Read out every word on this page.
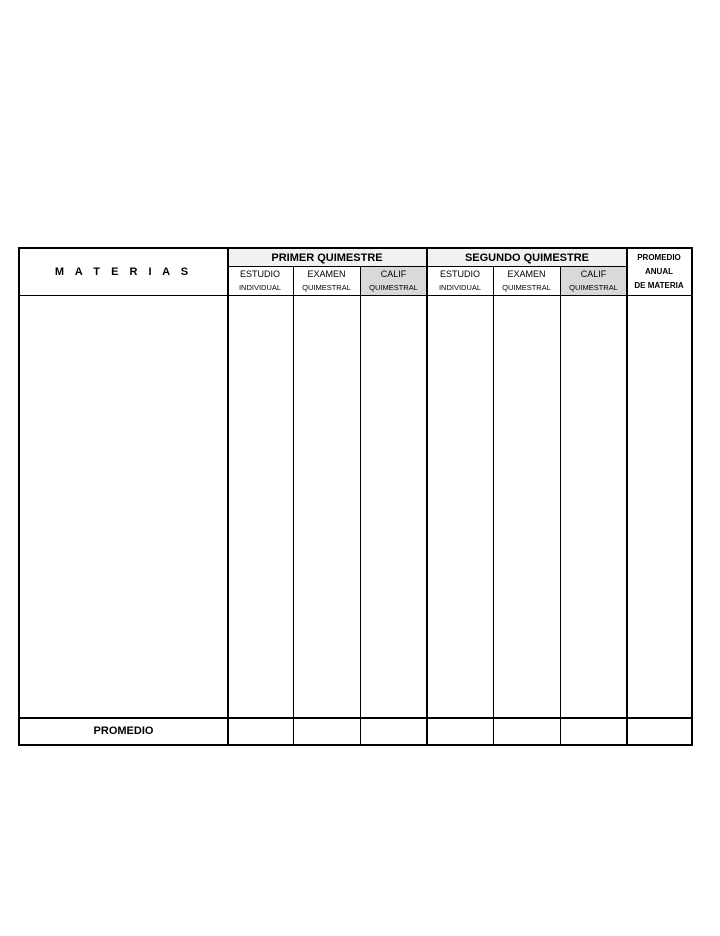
M A T E R I A S
PRIMER QUIMESTRE	SEGUNDO QUIMESTRE
ESTUDIO
INDIVIDUAL
EXAMEN
QUIMESTRAL
CALIF
QUIMESTRAL
ESTUDIO
INDIVIDUAL
EXAMEN
QUIMESTRAL
CALIF
QUIMESTRAL
PROMEDIO
ANUAL
DE MATERIA
PROMEDIO
